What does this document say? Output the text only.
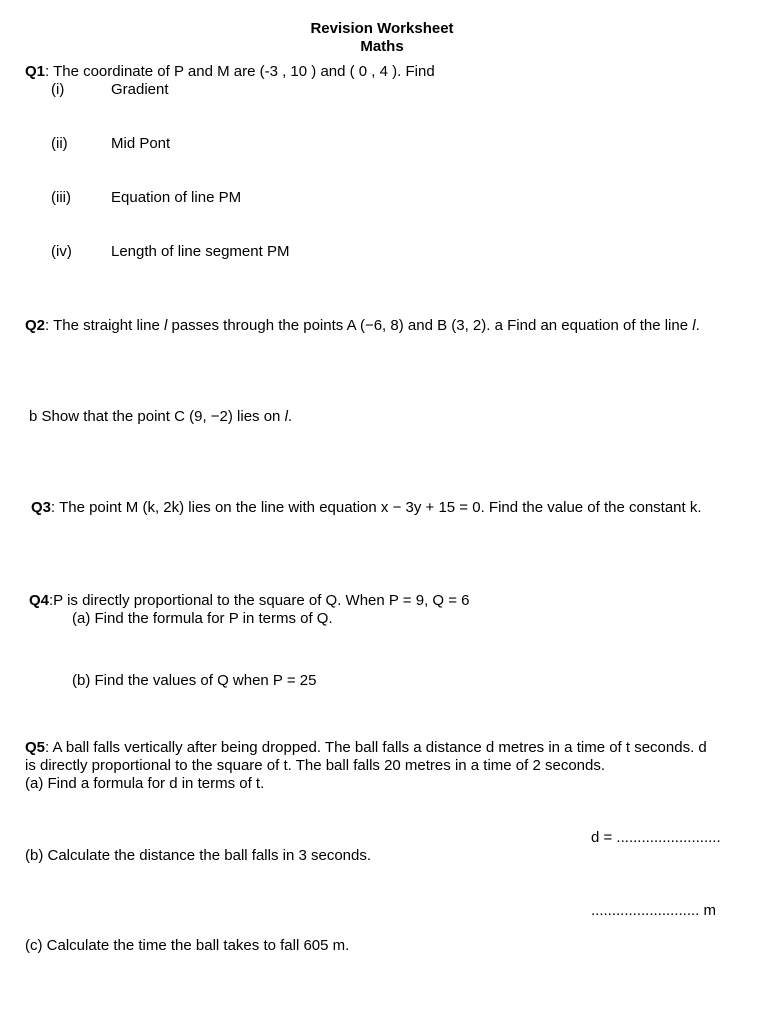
Revision Worksheet
Maths
Q1: The coordinate of P and M are (-3 , 10 ) and ( 0 , 4 ). Find
(i)	Gradient
(ii)	Mid Pont
(iii)	Equation of line PM
(iv)	Length of line segment PM
Q2: The straight line l passes through the points A (−6, 8) and B (3, 2). a Find an equation of the line l.
b Show that the point C (9, −2) lies on l.
Q3: The point M (k, 2k) lies on the line with equation x − 3y + 15 = 0. Find the value of the constant k.
Q4:P is directly proportional to the square of Q. When P = 9, Q = 6
(a) Find the formula for P in terms of Q.
(b) Find the values of Q when P = 25
Q5: A ball falls vertically after being dropped. The ball falls a distance d metres in a time of t seconds. d
is directly proportional to the square of t. The ball falls 20 metres in a time of 2 seconds.
(a) Find a formula for d in terms of t.
d = .........................
(b) Calculate the distance the ball falls in 3 seconds.
.......................... m
(c) Calculate the time the ball takes to fall 605 m.
